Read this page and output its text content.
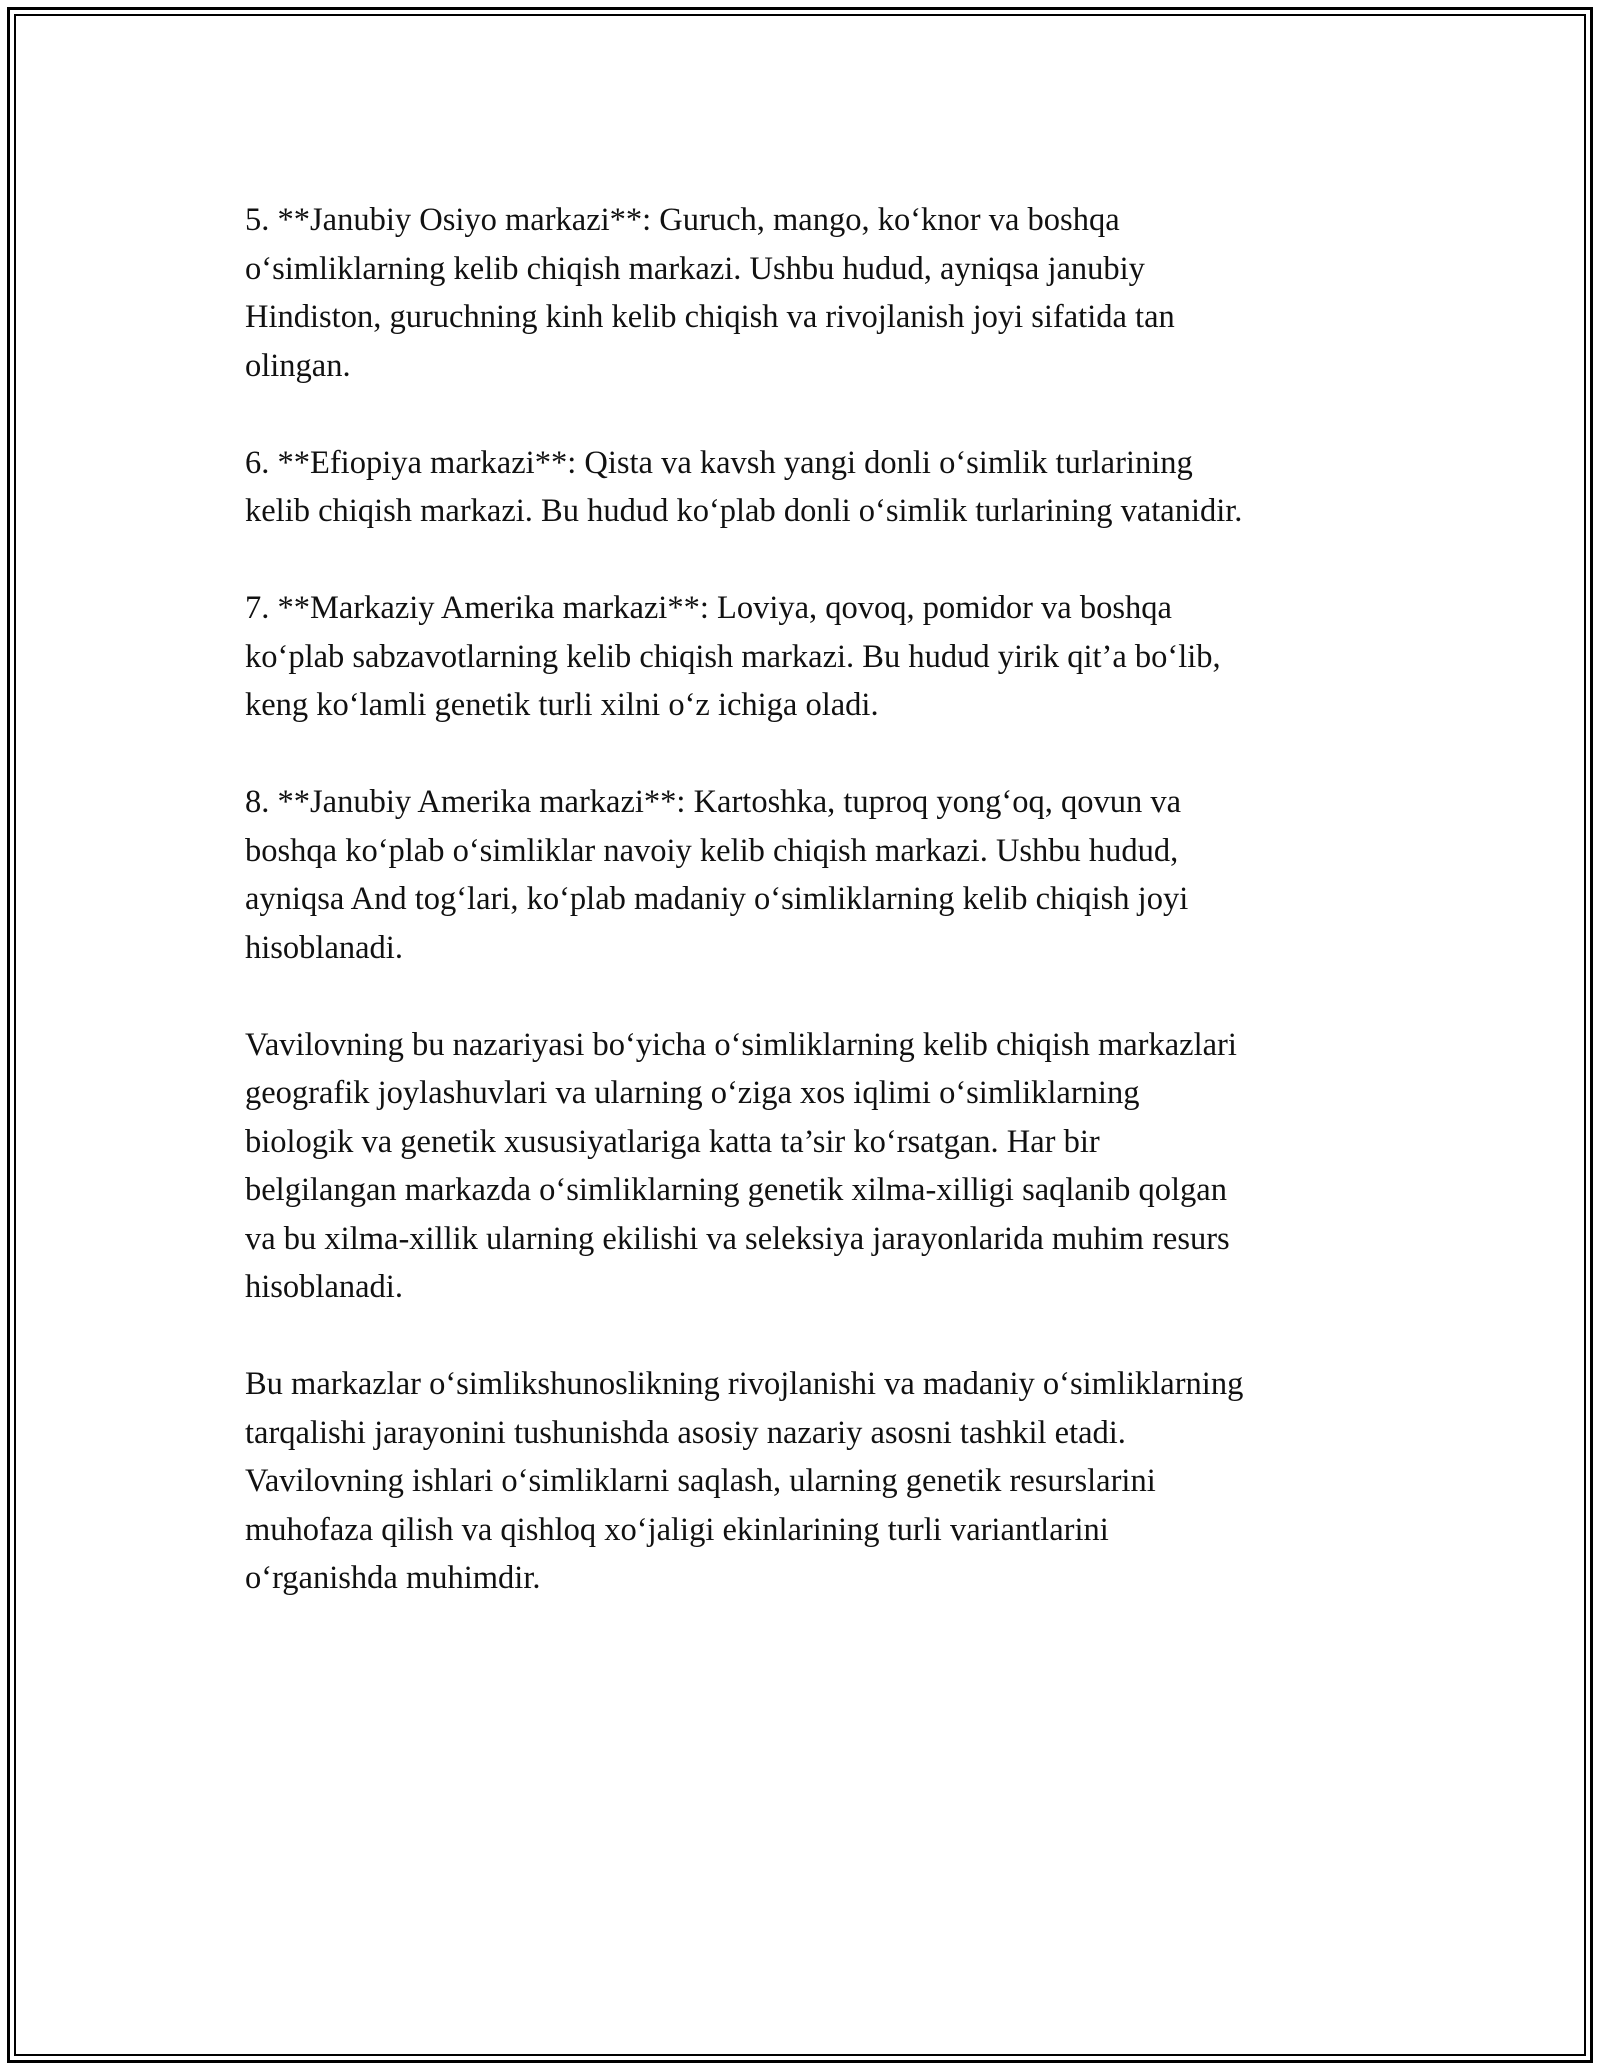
5. **Janubiy Osiyo markazi**: Guruch, mango, ko‘knor va boshqa
o‘simliklarning kelib chiqish markazi. Ushbu hudud, ayniqsa janubiy
Hindiston, guruchning kinh kelib chiqish va rivojlanish joyi sifatida tan
olingan.

6. **Efiopiya markazi**: Qista va kavsh yangi donli o‘simlik turlarining
kelib chiqish markazi. Bu hudud ko‘plab donli o‘simlik turlarining vatanidir.

7. **Markaziy Amerika markazi**: Loviya, qovoq, pomidor va boshqa
ko‘plab sabzavotlarning kelib chiqish markazi. Bu hudud yirik qit’a bo‘lib,
keng ko‘lamli genetik turli xilni o‘z ichiga oladi.

8. **Janubiy Amerika markazi**: Kartoshka, tuproq yong‘oq, qovun va
boshqa ko‘plab o‘simliklar navoiy kelib chiqish markazi. Ushbu hudud,
ayniqsa And tog‘lari, ko‘plab madaniy o‘simliklarning kelib chiqish joyi
hisoblanadi.

Vavilovning bu nazariyasi bo‘yicha o‘simliklarning kelib chiqish markazlari
geografik joylashuvlari va ularning o‘ziga xos iqlimi o‘simliklarning
biologik va genetik xususiyatlariga katta ta’sir ko‘rsatgan. Har bir
belgilangan markazda o‘simliklarning genetik xilma-xilligi saqlanib qolgan
va bu xilma-xillik ularning ekilishi va seleksiya jarayonlarida muhim resurs
hisoblanadi.

Bu markazlar o‘simlikshunoslikning rivojlanishi va madaniy o‘simliklarning
tarqalishi jarayonini tushunishda asosiy nazariy asosni tashkil etadi.
Vavilovning ishlari o‘simliklarni saqlash, ularning genetik resurslarini
muhofaza qilish va qishloq xo‘jaligi ekinlarining turli variantlarini
o‘rganishda muhimdir.
